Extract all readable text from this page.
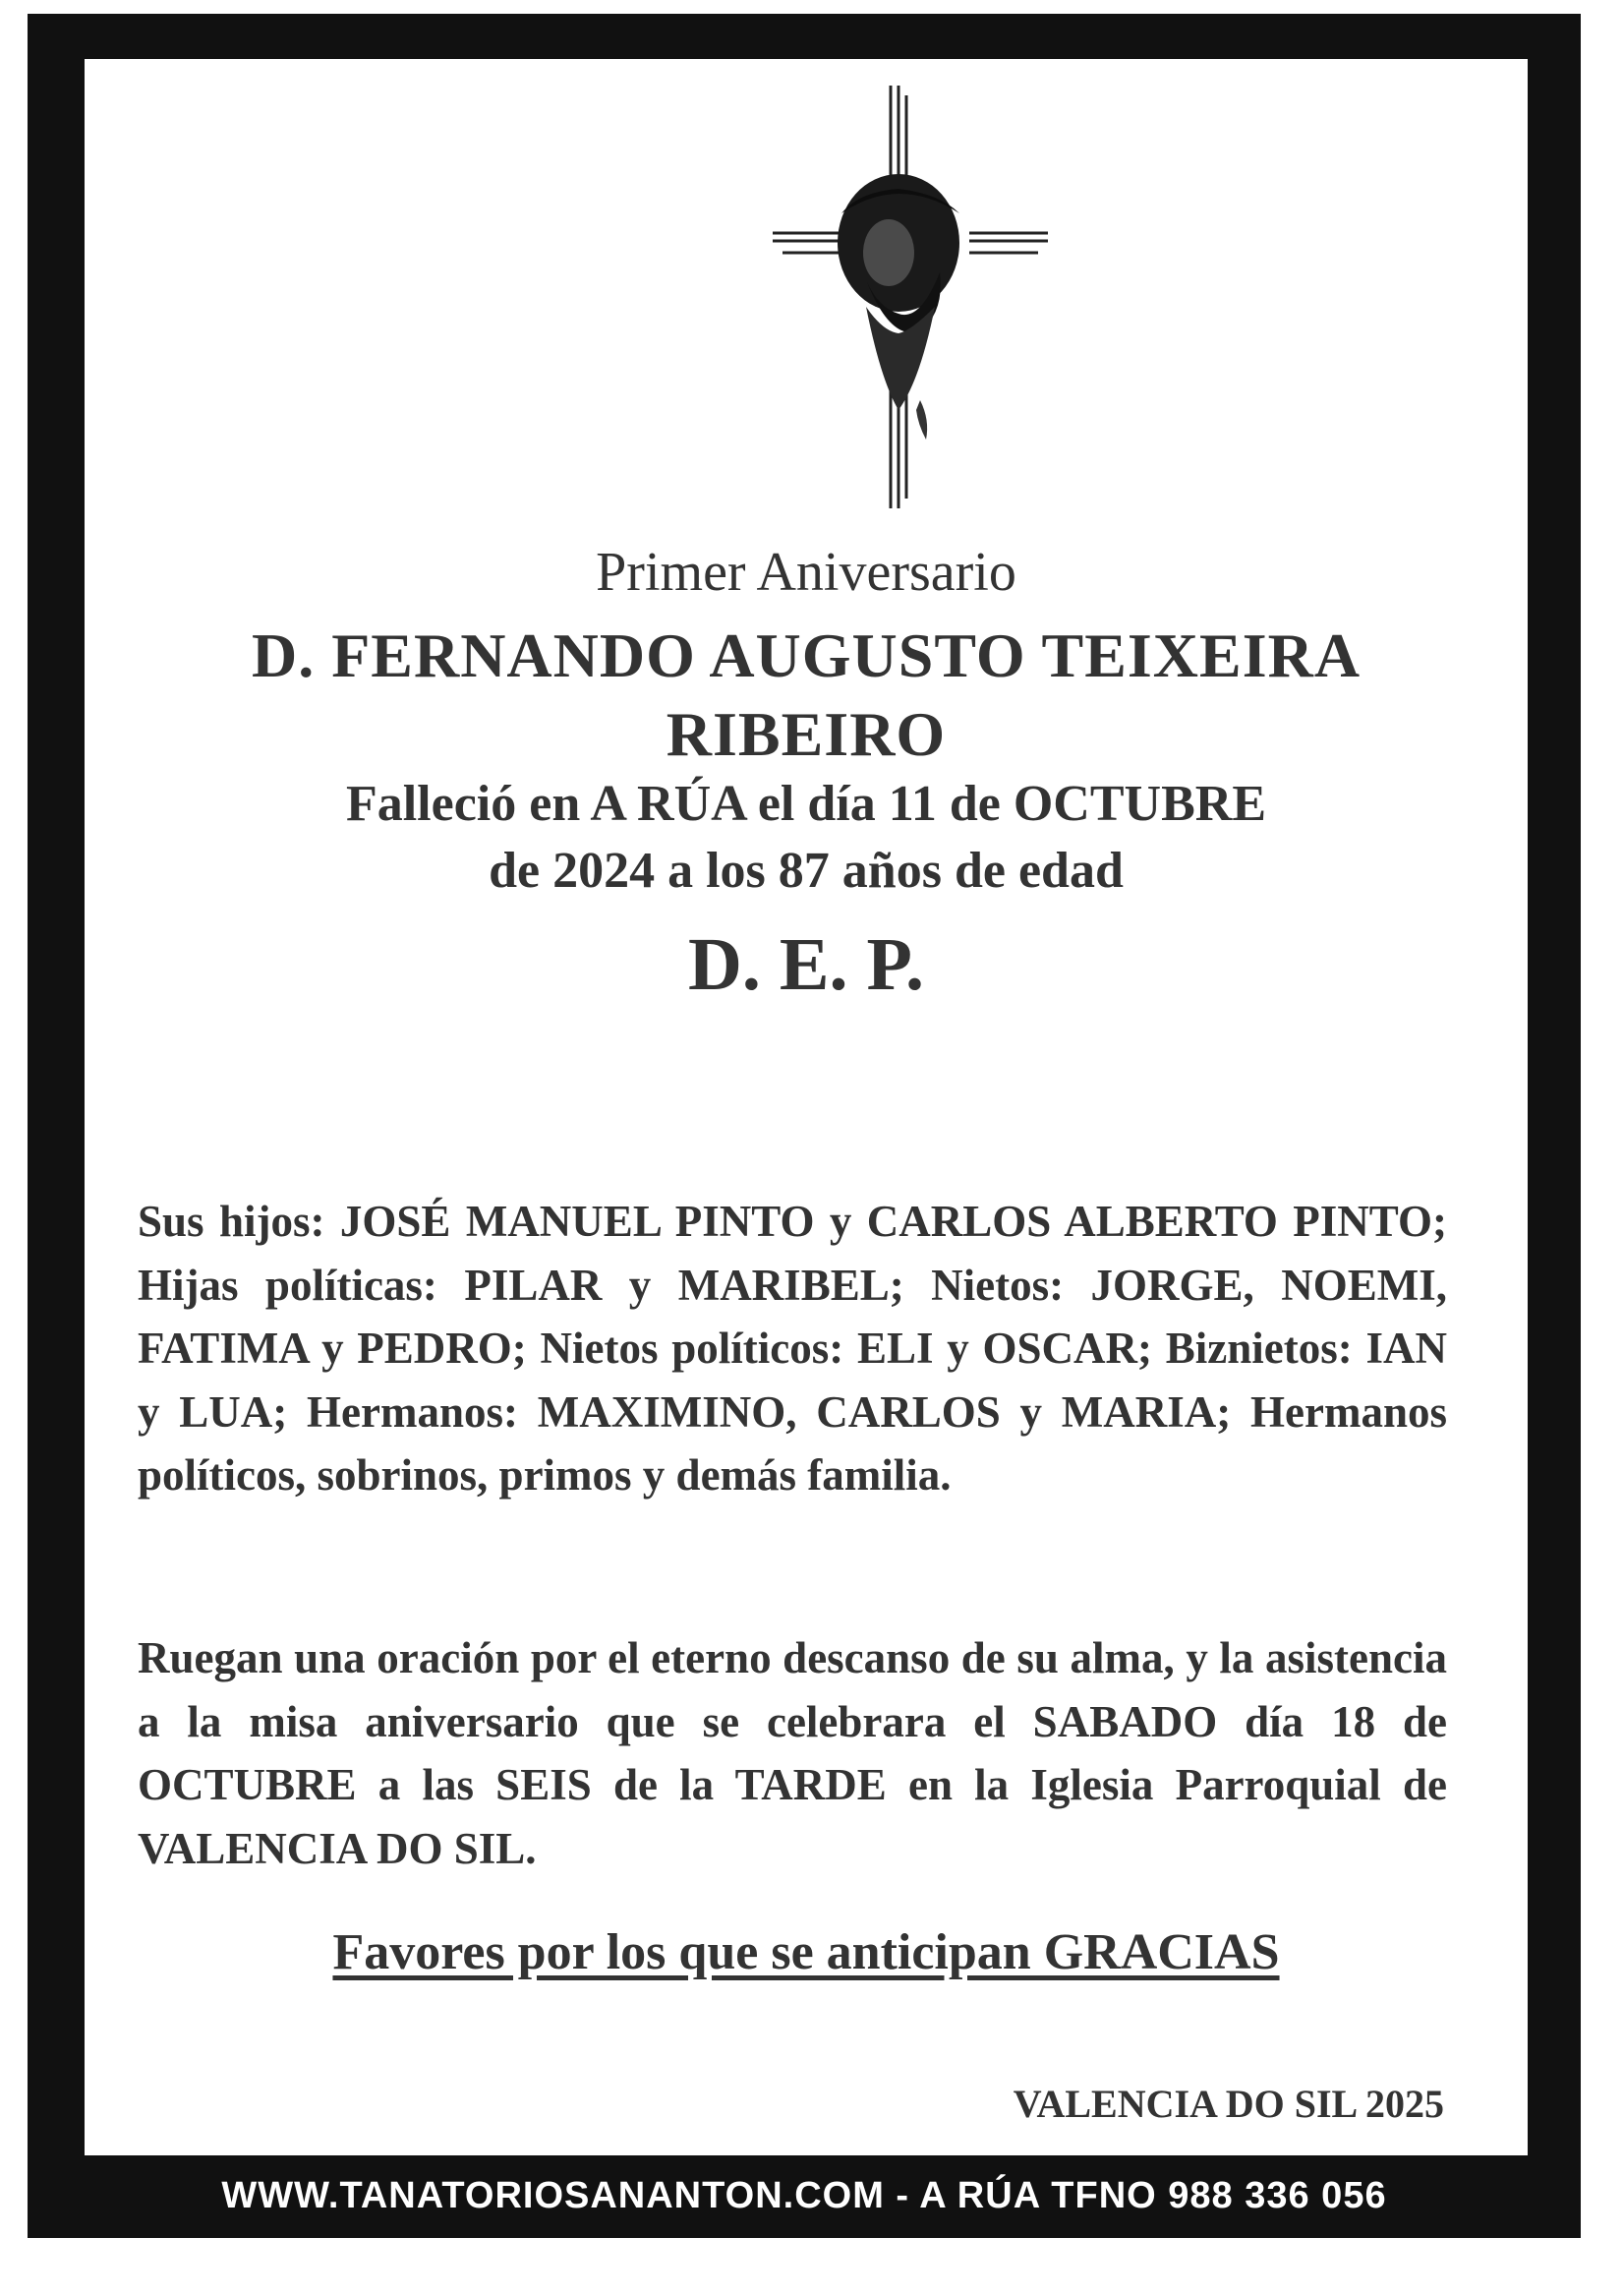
Primer Aniversario
D. FERNANDO AUGUSTO TEIXEIRA
RIBEIRO
Falleció en A RÚA el día 11 de OCTUBRE
de 2024 a los 87 años de edad
D. E. P.
Sus hijos: JOSÉ MANUEL PINTO y CARLOS ALBERTO PINTO; Hijas políticas: PILAR y MARIBEL; Nietos: JORGE, NOEMI, FATIMA y PEDRO; Nietos políticos: ELI y OSCAR; Biznietos: IAN y LUA; Hermanos: MAXIMINO, CARLOS y MARIA; Hermanos políticos, sobrinos, primos y demás familia.
Ruegan una oración por el eterno descanso de su alma, y la asistencia a la misa aniversario que se celebrara el SABADO día 18 de OCTUBRE a las SEIS de la TARDE en la Iglesia Parroquial de VALENCIA DO SIL.
Favores por los que se anticipan GRACIAS
VALENCIA DO SIL 2025
WWW.TANATORIOSANANTON.COM - A RÚA TFNO 988 336 056
